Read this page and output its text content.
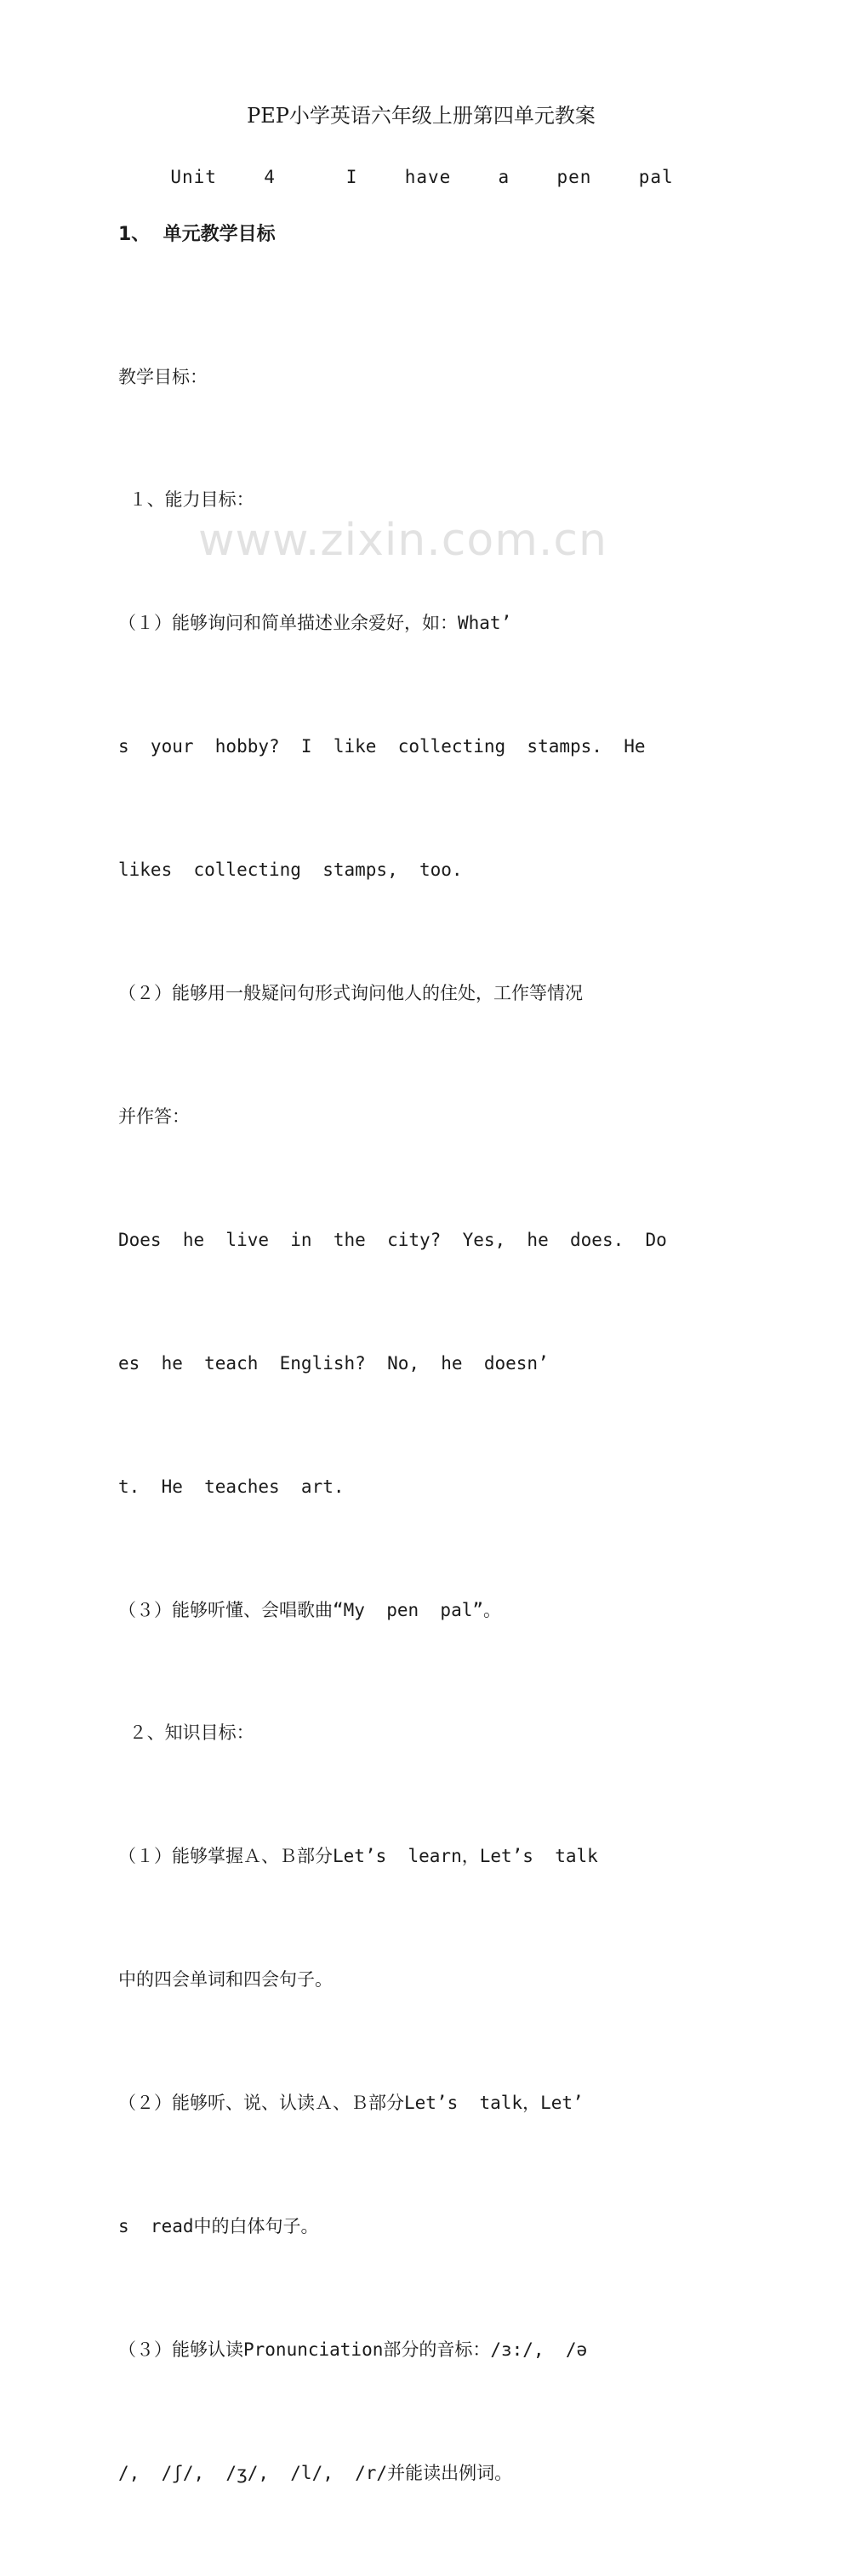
PEP小学英语六年级上册第四单元教案
Unit  4   I  have  a  pen  pal
1、  单元教学目标

教学目标：

１、能力目标：

（１）能够询问和简单描述业余爱好，如：What’

s  your  hobby?  I  like  collecting  stamps.  He

likes  collecting  stamps,  too.

（２）能够用一般疑问句形式询问他人的住处，工作等情况

并作答：

Does  he  live  in  the  city?  Yes,  he  does.  Do

es  he  teach  English?  No,  he  doesn’

t.  He  teaches  art.

（３）能够听懂、会唱歌曲“My  pen  pal”。

２、知识目标：

（１）能够掌握Ａ、Ｂ部分Let’s  learn，Let’s  talk

中的四会单词和四会句子。

（２）能够听、说、认读Ａ、Ｂ部分Let’s  talk，Let’

s  read中的白体句子。

（３）能够认读Pronunciation部分的音标：/ɜ:/,  /ə

/,  /ʃ/,  /ʒ/,  /l/,  /r/并能读出例词。

www.zixin.com.cn
